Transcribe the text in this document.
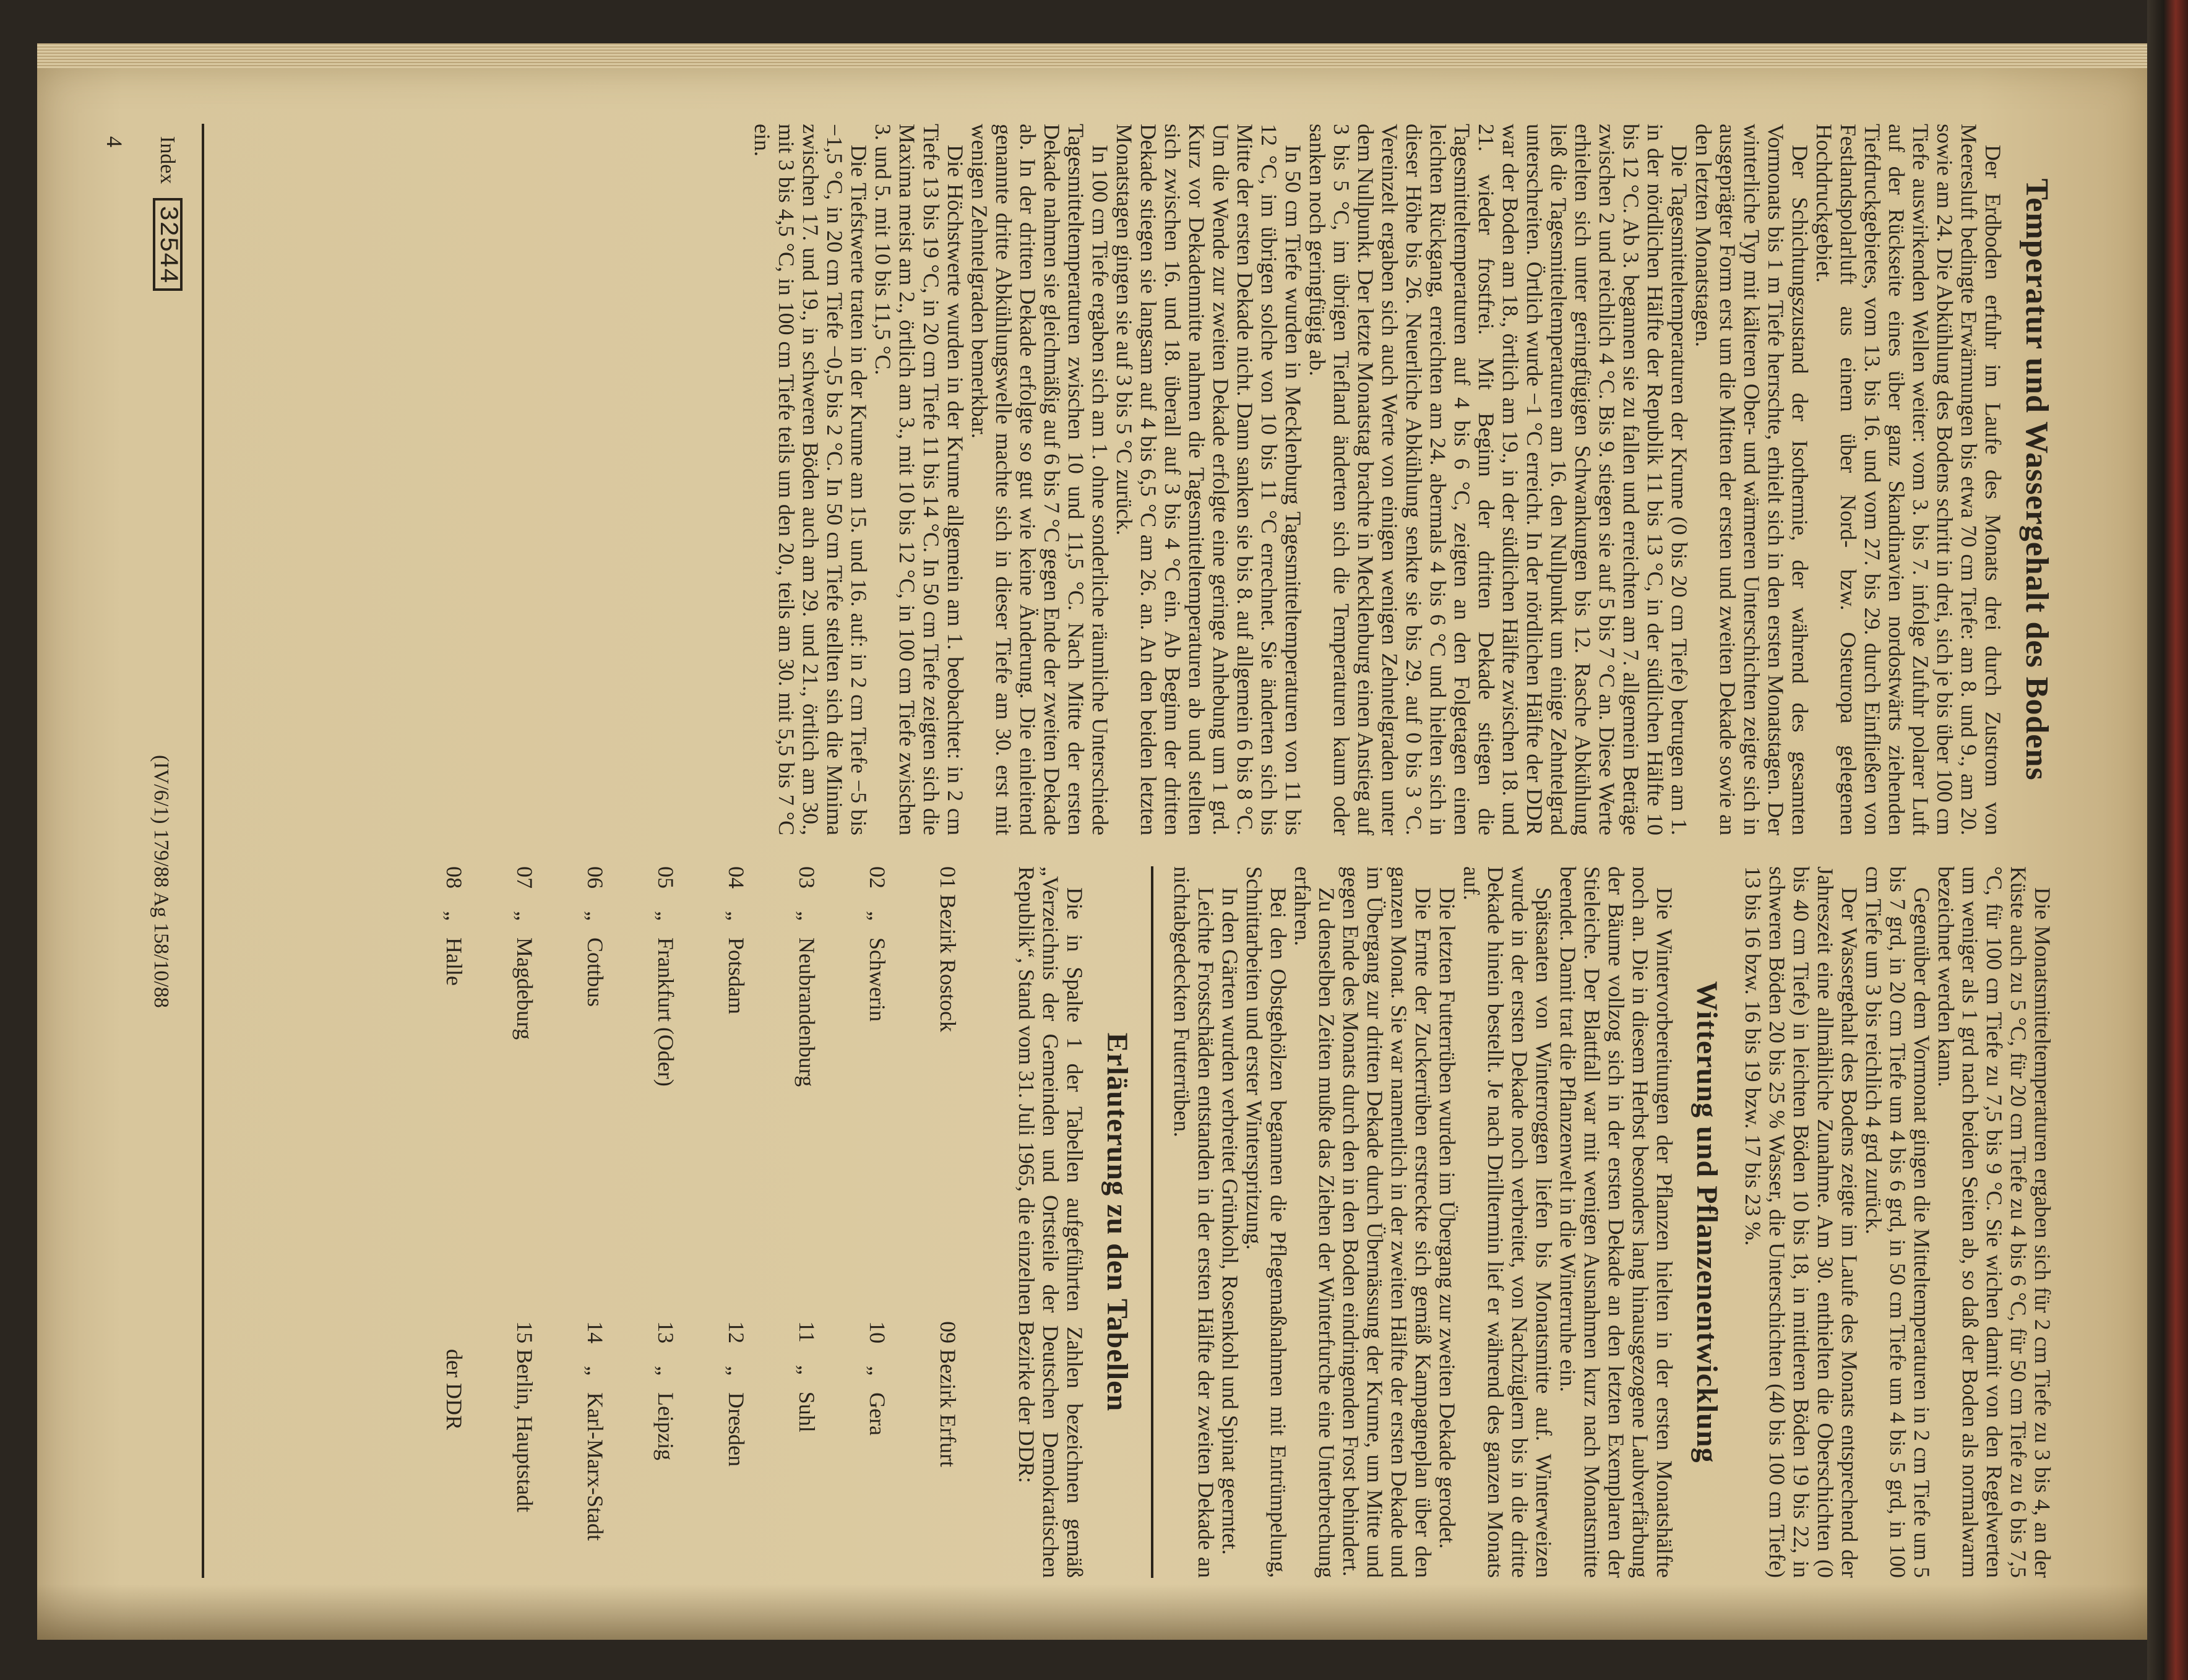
Temperatur und Wassergehalt des Bodens

Der Erdboden erfuhr im Laufe des Monats drei durch Zustrom von Meeresluft bedingte Erwärmungen bis etwa 70 cm Tiefe: am 8. und 9., am 20. sowie am 24. Die Abkühlung des Bodens schritt in drei, sich je bis über 100 cm Tiefe auswirkenden Wellen weiter: vom 3. bis 7. infolge Zufuhr polarer Luft auf der Rückseite eines über ganz Skandinavien nordostwärts ziehenden Tiefdruckgebietes, vom 13. bis 16. und vom 27. bis 29. durch Einfließen von Festlandspolarluft aus einem über Nord- bzw. Osteuropa gelegenen Hochdruckgebiet.

Der Schichtungszustand der Isothermie, der während des gesamten Vormonats bis 1 m Tiefe herrschte, erhielt sich in den ersten Monatstagen. Der winterliche Typ mit kälteren Ober- und wärmeren Unterschichten zeigte sich in ausgeprägter Form erst um die Mitten der ersten und zweiten Dekade sowie an den letzten Monatstagen.

Die Tagesmitteltemperaturen der Krume (0 bis 20 cm Tiefe) betrugen am 1. in der nördlichen Hälfte der Republik 11 bis 13 °C, in der südlichen Hälfte 10 bis 12 °C. Ab 3. begannen sie zu fallen und erreichten am 7. allgemein Beträge zwischen 2 und reichlich 4 °C. Bis 9. stiegen sie auf 5 bis 7 °C an. Diese Werte erhielten sich unter geringfügigen Schwankungen bis 12. Rasche Abkühlung ließ die Tagesmitteltemperaturen am 16. den Nullpunkt um einige Zehntelgrad unterschreiten. Örtlich wurde −1 °C erreicht. In der nördlichen Hälfte der DDR war der Boden am 18., örtlich am 19., in der südlichen Hälfte zwischen 18. und 21. wieder frostfrei. Mit Beginn der dritten Dekade stiegen die Tagesmitteltemperaturen auf 4 bis 6 °C, zeigten an den Folgetagen einen leichten Rückgang, erreichten am 24. abermals 4 bis 6 °C und hielten sich in dieser Höhe bis 26. Neuerliche Abkühlung senkte sie bis 29. auf 0 bis 3 °C. Vereinzelt ergaben sich auch Werte von einigen wenigen Zehntelgraden unter dem Nullpunkt. Der letzte Monatstag brachte in Mecklenburg einen Anstieg auf 3 bis 5 °C, im übrigen Tiefland änderten sich die Temperaturen kaum oder sanken noch geringfügig ab.

In 50 cm Tiefe wurden in Mecklenburg Tagesmitteltemperaturen von 11 bis 12 °C, im übrigen solche von 10 bis 11 °C errechnet. Sie änderten sich bis Mitte der ersten Dekade nicht. Dann sanken sie bis 8. auf allgemein 6 bis 8 °C. Um die Wende zur zweiten Dekade erfolgte eine geringe Anhebung um 1 grd. Kurz vor Dekadenmitte nahmen die Tagesmitteltemperaturen ab und stellten sich zwischen 16. und 18. überall auf 3 bis 4 °C ein. Ab Beginn der dritten Dekade stiegen sie langsam auf 4 bis 6,5 °C am 26. an. An den beiden letzten Monatstagen gingen sie auf 3 bis 5 °C zurück.

In 100 cm Tiefe ergaben sich am 1. ohne sonderliche räumliche Unterschiede Tagesmitteltemperaturen zwischen 10 und 11,5 °C. Nach Mitte der ersten Dekade nahmen sie gleichmäßig auf 6 bis 7 °C gegen Ende der zweiten Dekade ab. In der dritten Dekade erfolgte so gut wie keine Änderung. Die einleitend genannte dritte Abkühlungswelle machte sich in dieser Tiefe am 30. erst mit wenigen Zehntelgraden bemerkbar.

Die Höchstwerte wurden in der Krume allgemein am 1. beobachtet: in 2 cm Tiefe 13 bis 19 °C, in 20 cm Tiefe 11 bis 14 °C. In 50 cm Tiefe zeigten sich die Maxima meist am 2., örtlich am 3., mit 10 bis 12 °C, in 100 cm Tiefe zwischen 3. und 5. mit 10 bis 11,5 °C.

Die Tiefstwerte traten in der Krume am 15. und 16. auf: in 2 cm Tiefe −5 bis −1,5 °C, in 20 cm Tiefe −0,5 bis 2 °C. In 50 cm Tiefe stellten sich die Minima zwischen 17. und 19., in schweren Böden auch am 29. und 21., örtlich am 30., mit 3 bis 4,5 °C, in 100 cm Tiefe teils um den 20., teils am 30. mit 5,5 bis 7 °C ein.

Die Monatsmitteltemperaturen ergaben sich für 2 cm Tiefe zu 3 bis 4, an der Küste auch zu 5 °C, für 20 cm Tiefe zu 4 bis 6 °C, für 50 cm Tiefe zu 6 bis 7,5 °C, für 100 cm Tiefe zu 7,5 bis 9 °C. Sie wichen damit von den Regelwerten um weniger als 1 grd nach beiden Seiten ab, so daß der Boden als normalwarm bezeichnet werden kann.

Gegenüber dem Vormonat gingen die Mitteltemperaturen in 2 cm Tiefe um 5 bis 7 grd, in 20 cm Tiefe um 4 bis 6 grd, in 50 cm Tiefe um 4 bis 5 grd, in 100 cm Tiefe um 3 bis reichlich 4 grd zurück.

Der Wassergehalt des Bodens zeigte im Laufe des Monats entsprechend der Jahreszeit eine allmähliche Zunahme. Am 30. enthielten die Oberschichten (0 bis 40 cm Tiefe) in leichten Böden 10 bis 18, in mittleren Böden 19 bis 22, in schweren Böden 20 bis 25 % Wasser, die Unterschichten (40 bis 100 cm Tiefe) 13 bis 16 bzw. 16 bis 19 bzw. 17 bis 23 %.

Witterung und Pflanzenentwicklung

Die Wintervorbereitungen der Pflanzen hielten in der ersten Monatshälfte noch an. Die in diesem Herbst besonders lang hinausgezogene Laubverfärbung der Bäume vollzog sich in der ersten Dekade an den letzten Exemplaren der Stieleiche. Der Blattfall war mit wenigen Ausnahmen kurz nach Monatsmitte beendet. Damit trat die Pflanzenwelt in die Winterruhe ein.

Spätsaaten von Winterroggen liefen bis Monatsmitte auf. Winterweizen wurde in der ersten Dekade noch verbreitet, von Nachzüglern bis in die dritte Dekade hinein bestellt. Je nach Drilltermin lief er während des ganzen Monats auf.

Die letzten Futterrüben wurden im Übergang zur zweiten Dekade gerodet.

Die Ernte der Zuckerrüben erstreckte sich gemäß Kampagneplan über den ganzen Monat. Sie war namentlich in der zweiten Hälfte der ersten Dekade und im Übergang zur dritten Dekade durch Übernässung der Krume, um Mitte und gegen Ende des Monats durch den in den Boden eindringenden Frost behindert.

Zu denselben Zeiten mußte das Ziehen der Winterfurche eine Unterbrechung erfahren.

Bei den Obstgehölzen begannen die Pflegemaßnahmen mit Entrümpelung, Schnittarbeiten und erster Winterspritzung.

In den Gärten wurden verbreitet Grünkohl, Rosenkohl und Spinat geerntet.

Leichte Frostschäden entstanden in der ersten Hälfte der zweiten Dekade an nichtabgedeckten Futterrüben.

Erläuterung zu den Tabellen

Die in Spalte 1 der Tabellen aufgeführten Zahlen bezeichnen gemäß „Verzeichnis der Gemeinden und Ortsteile der Deutschen Demokratischen Republik“, Stand vom 31. Juli 1965, die einzelnen Bezirke der DDR:

01 Bezirk Rostock

02    „   Schwerin

03    „   Neubrandenburg

04    „   Potsdam

05    „   Frankfurt (Oder)

06    „   Cottbus

07    „   Magdeburg

08    „   Halle

09 Bezirk Erfurt

10    „   Gera

11    „   Suhl

12    „   Dresden

13    „   Leipzig

14    „   Karl-Marx-Stadt

15 Berlin, Hauptstadt

der DDR

Index 32544
(IV/6/1) 179/88 Ag 158/10/88
4
